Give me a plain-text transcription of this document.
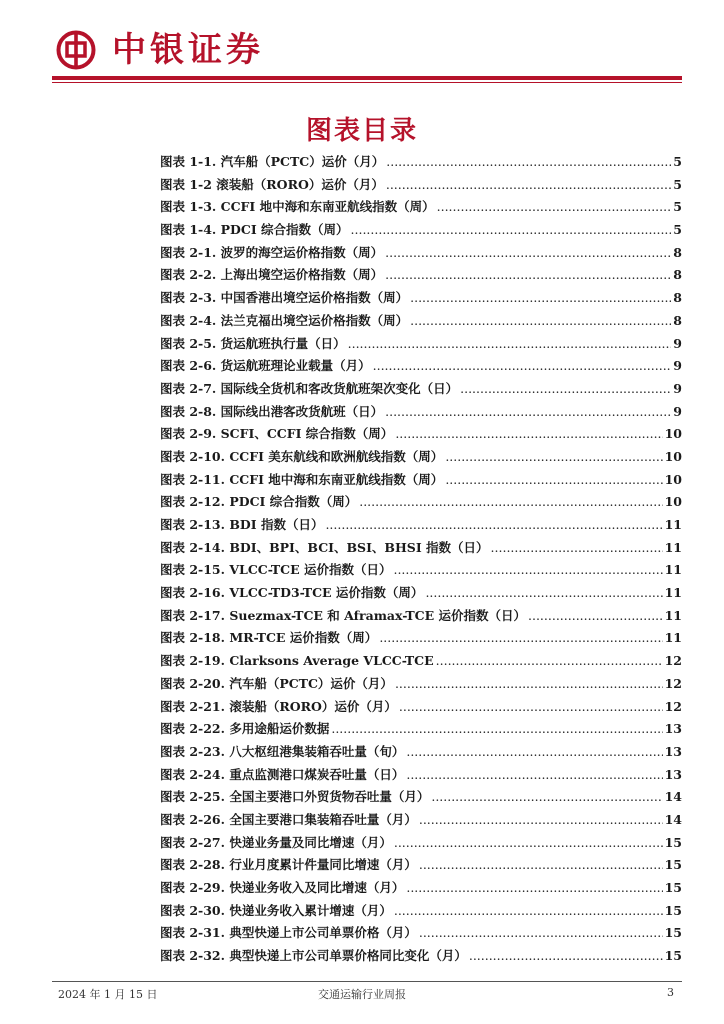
中银证券
图表目录
图表 1-1. 汽车船（PCTC）运价（月） .....	5
图表 1-2 滚装船（RORO）运价（月） .....	5
图表 1-3. CCFI 地中海和东南亚航线指数（周） .....	5
图表 1-4. PDCI 综合指数（周） .....	5
图表 2-1. 波罗的海空运价格指数（周） .....	8
图表 2-2. 上海出境空运价格指数（周） .....	8
图表 2-3. 中国香港出境空运价格指数（周） .....	8
图表 2-4. 法兰克福出境空运价格指数（周） .....	8
图表 2-5. 货运航班执行量（日） .....	9
图表 2-6. 货运航班理论业载量（月） .....	9
图表 2-7. 国际线全货机和客改货航班架次变化（日） .....	9
图表 2-8. 国际线出港客改货航班（日） .....	9
图表 2-9. SCFI、CCFI 综合指数（周） .....	10
图表 2-10. CCFI 美东航线和欧洲航线指数（周） .....	10
图表 2-11. CCFI 地中海和东南亚航线指数（周） .....	10
图表 2-12. PDCI 综合指数（周） .....	10
图表 2-13. BDI 指数（日） .....	11
图表 2-14. BDI、BPI、BCI、BSI、BHSI 指数（日） .....	11
图表 2-15. VLCC-TCE 运价指数（日） .....	11
图表 2-16. VLCC-TD3-TCE 运价指数（周） .....	11
图表 2-17. Suezmax-TCE 和 Aframax-TCE 运价指数（日） .....	11
图表 2-18. MR-TCE 运价指数（周） .....	11
图表 2-19. Clarksons Average VLCC-TCE .....	12
图表 2-20. 汽车船（PCTC）运价（月） .....	12
图表 2-21. 滚装船（RORO）运价（月） .....	12
图表 2-22. 多用途船运价数据 .....	13
图表 2-23. 八大枢纽港集装箱吞吐量（旬） .....	13
图表 2-24. 重点监测港口煤炭吞吐量（日） .....	13
图表 2-25. 全国主要港口外贸货物吞吐量（月） .....	14
图表 2-26. 全国主要港口集装箱吞吐量（月） .....	14
图表 2-27. 快递业务量及同比增速（月） .....	15
图表 2-28. 行业月度累计件量同比增速（月） .....	15
图表 2-29. 快递业务收入及同比增速（月） .....	15
图表 2-30. 快递业务收入累计增速（月） .....	15
图表 2-31. 典型快递上市公司单票价格（月） .....	15
图表 2-32. 典型快递上市公司单票价格同比变化（月） .....	15
2024 年 1 月 15 日	交通运输行业周报	3
